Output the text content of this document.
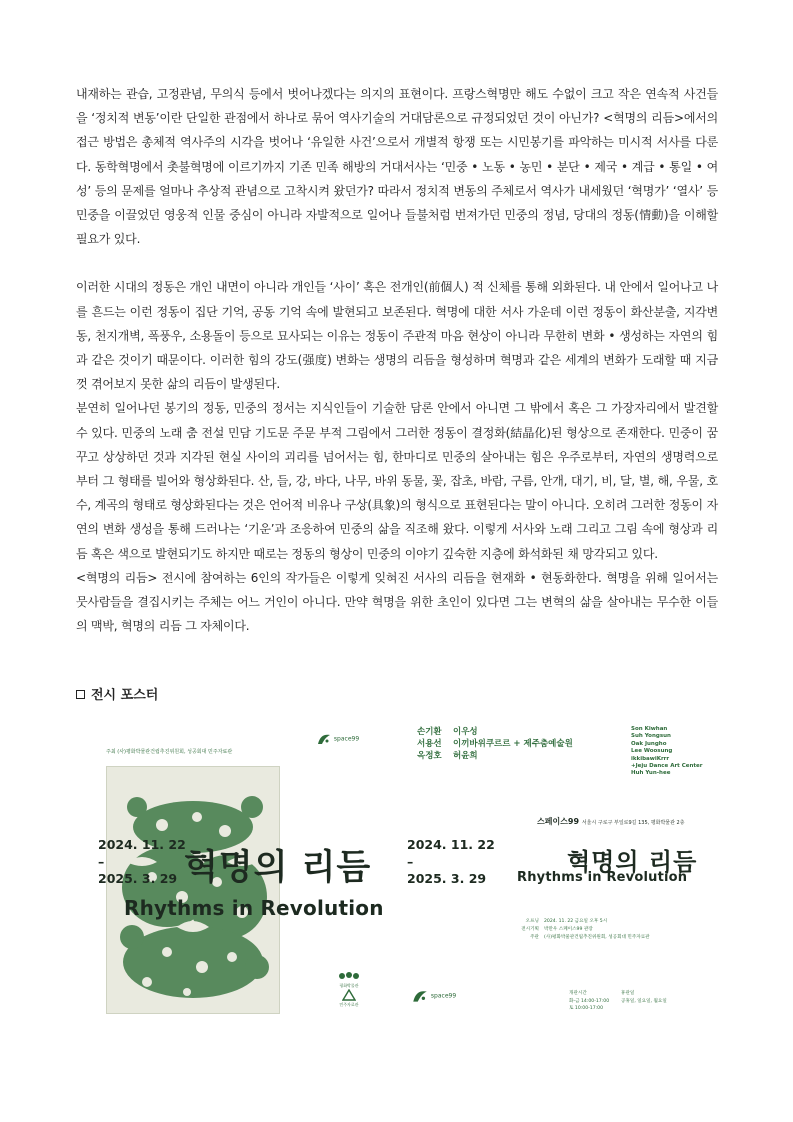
내재하는 관습, 고정관념, 무의식 등에서 벗어나겠다는 의지의 표현이다. 프랑스혁명만 해도 수없이 크고 작은 연속적 사건들을 ‘정치적 변동’이란 단일한 관점에서 하나로 묶어 역사기술의 거대담론으로 규정되었던 것이 아닌가? <혁명의 리듬>에서의 접근 방법은 총체적 역사주의 시각을 벗어나 ‘유일한 사건’으로서 개별적 항쟁 또는 시민봉기를 파악하는 미시적 서사를 다룬다. 동학혁명에서 촛불혁명에 이르기까지 기존 민족 해방의 거대서사는 ‘민중 • 노동 • 농민 • 분단 • 제국 • 계급 • 통일 • 여성’ 등의 문제를 얼마나 추상적 관념으로 고착시켜 왔던가? 따라서 정치적 변동의 주체로서 역사가 내세웠던 ‘혁명가’ ‘열사’ 등 민중을 이끌었던 영웅적 인물 중심이 아니라 자발적으로 일어나 들불처럼 번져가던 민중의 정념, 당대의 정동(情動)을 이해할 필요가 있다.

이러한 시대의 정동은 개인 내면이 아니라 개인들 ‘사이’ 혹은 전개인(前個人) 적 신체를 통해 외화된다. 내 안에서 일어나고 나를 흔드는 이런 정동이 집단 기억, 공동 기억 속에 발현되고 보존된다. 혁명에 대한 서사 가운데 이런 정동이 화산분출, 지각변동, 천지개벽, 폭풍우, 소용돌이 등으로 묘사되는 이유는 정동이 주관적 마음 현상이 아니라 무한히 변화 • 생성하는 자연의 힘과 같은 것이기 때문이다. 이러한 힘의 강도(强度) 변화는 생명의 리듬을 형성하며 혁명과 같은 세계의 변화가 도래할 때 지금껏 겪어보지 못한 삶의 리듬이 발생된다.

분연히 일어나던 봉기의 정동, 민중의 정서는 지식인들이 기술한 담론 안에서 아니면 그 밖에서 혹은 그 가장자리에서 발견할 수 있다. 민중의 노래 춤 전설 민담 기도문 주문 부적 그림에서 그러한 정동이 결정화(結晶化)된 형상으로 존재한다. 민중이 꿈꾸고 상상하던 것과 지각된 현실 사이의 괴리를 넘어서는 힘, 한마디로 민중의 살아내는 힘은 우주로부터, 자연의 생명력으로부터 그 형태를 빌어와 형상화된다. 산, 들, 강, 바다, 나무, 바위 동물, 꽃, 잡초, 바람, 구름, 안개, 대기, 비, 달, 별, 해, 우물, 호수, 계곡의 형태로 형상화된다는 것은 언어적 비유나 구상(具象)의 형식으로 표현된다는 말이 아니다. 오히려 그러한 정동이 자연의 변화 생성을 통해 드러나는 ‘기운’과 조응하여 민중의 삶을 직조해 왔다. 이렇게 서사와 노래 그리고 그림 속에 형상과 리듬 혹은 색으로 발현되기도 하지만 때로는 정동의 형상이 민중의 이야기 깊숙한 지층에 화석화된 채 망각되고 있다.

<혁명의 리듬> 전시에 참여하는 6인의 작가들은 이렇게 잊혀진 서사의 리듬을 현재화 • 현동화한다. 혁명을 위해 일어서는 뭇사람들을 결집시키는 주체는 어느 거인이 아니다. 만약 혁명을 위한 초인이 있다면 그는 변혁의 삶을 살아내는 무수한 이들의 맥박, 혁명의 리듬 그 자체이다.

전시 포스터
주최 (사)평화박물관건립추진위원회, 성공회대 민주자료관
space99
2024. 11. 22
–
2025. 3. 29 혁명의 리듬
Rhythms in Revolution
평화박물관
민주자료관
손기환
서용선
옥정호
이우성
이끼바위쿠르르 + 제주춤예술원
허윤희
Son Kiwhan
Suh Yongsun
Oak Jungho
Lee Woosung
ikkibawiKrrr
+Jeju Dance Art Center
Huh Yun-hee
스페이스99 서울시 구로구 부일로9길 135, 평화박물관 2층
2024. 11. 22
–
2025. 3. 29
혁명의 리듬
Rhythms in Revolution
오프닝 2024. 11. 22 금요일 오후 5시
전시기획 박만우 스페이스99 관장
주관 (사)평화박물관건립추진위원회, 성공회대 민주자료관
space99	개관시간
화-금 14:00-17:00
토 10:00-17:00
휴관일
공휴일, 일요일, 월요일
